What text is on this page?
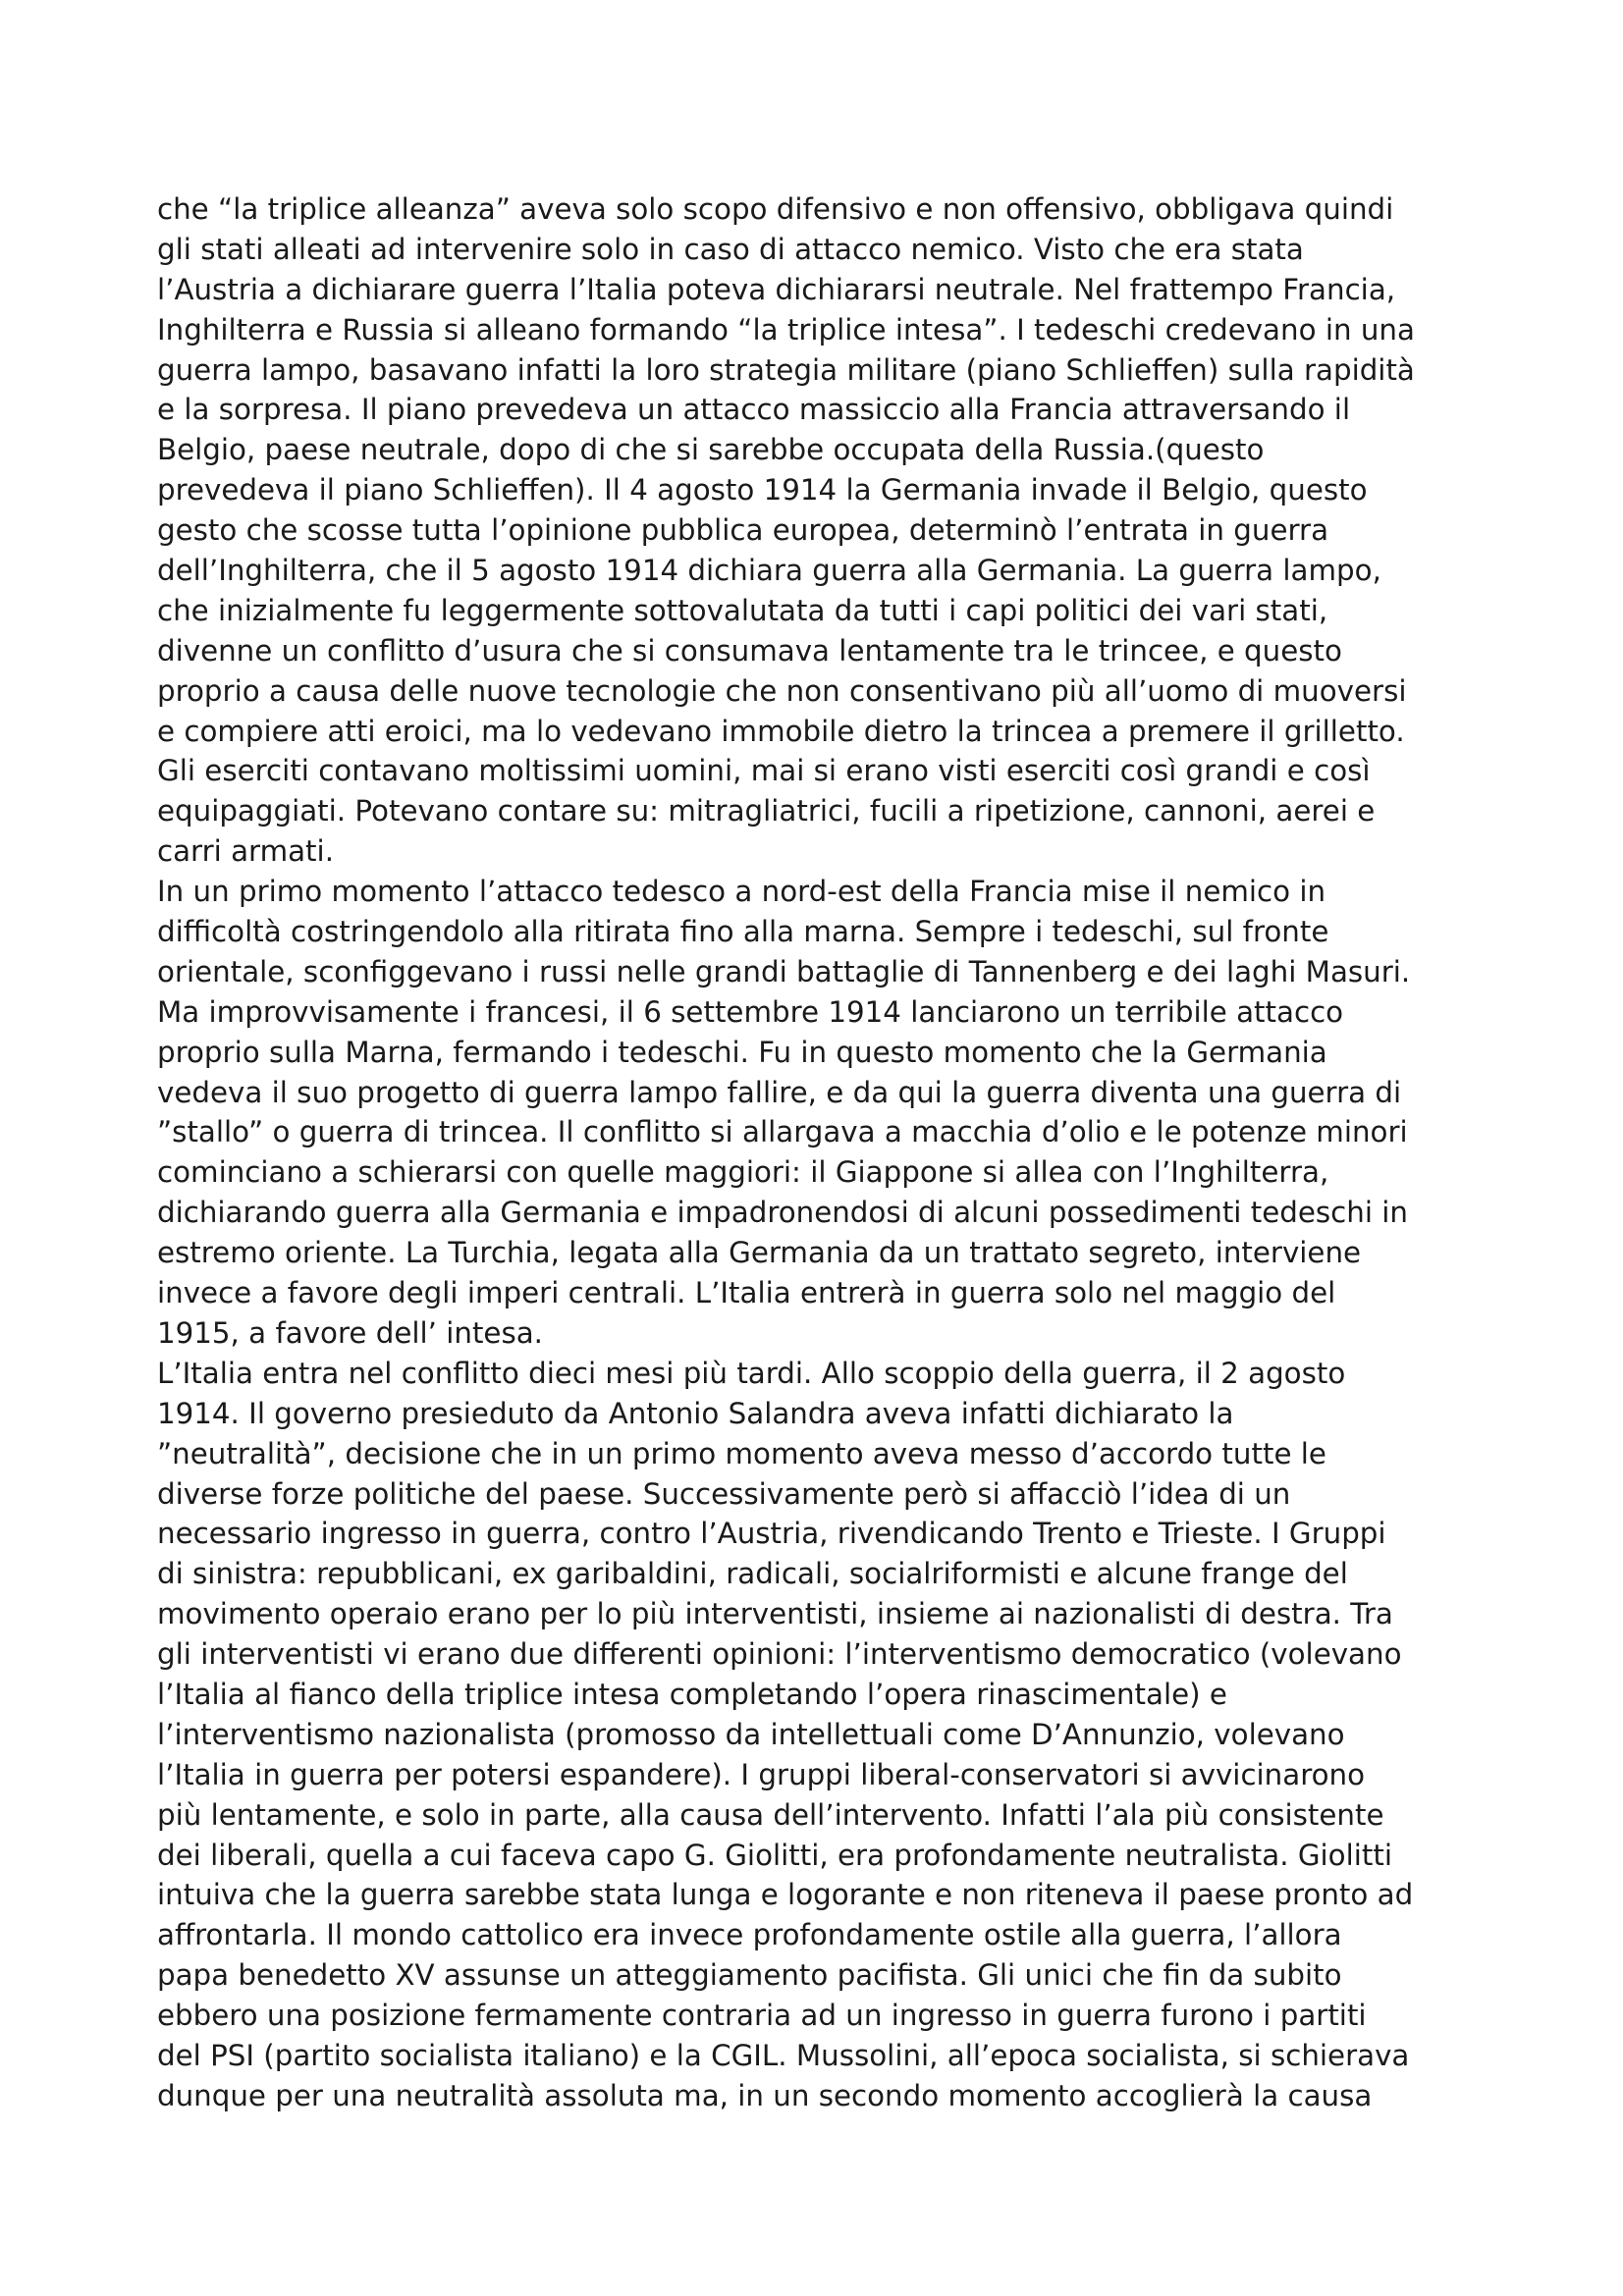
che “la triplice alleanza” aveva solo scopo difensivo e non offensivo, obbligava quindi
gli stati alleati ad intervenire solo in caso di attacco nemico. Visto che era stata
l’Austria a dichiarare guerra l’Italia poteva dichiararsi neutrale. Nel frattempo Francia,
Inghilterra e Russia si alleano formando “la triplice intesa”. I tedeschi credevano in una
guerra lampo, basavano infatti la loro strategia militare (piano Schlieffen) sulla rapidità
e la sorpresa. Il piano prevedeva un attacco massiccio alla Francia attraversando il
Belgio, paese neutrale, dopo di che si sarebbe occupata della Russia.(questo
prevedeva il piano Schlieffen). Il 4 agosto 1914 la Germania invade il Belgio, questo
gesto che scosse tutta l’opinione pubblica europea, determinò l’entrata in guerra
dell’Inghilterra, che il 5 agosto 1914 dichiara guerra alla Germania. La guerra lampo,
che inizialmente fu leggermente sottovalutata da tutti i capi politici dei vari stati,
divenne un conflitto d’usura che si consumava lentamente tra le trincee, e questo
proprio a causa delle nuove tecnologie che non consentivano più all’uomo di muoversi
e compiere atti eroici, ma lo vedevano immobile dietro la trincea a premere il grilletto.
Gli eserciti contavano moltissimi uomini, mai si erano visti eserciti così grandi e così
equipaggiati. Potevano contare su: mitragliatrici, fucili a ripetizione, cannoni, aerei e
carri armati.
In un primo momento l’attacco tedesco a nord-est della Francia mise il nemico in
difficoltà costringendolo alla ritirata fino alla marna. Sempre i tedeschi, sul fronte
orientale, sconfiggevano i russi nelle grandi battaglie di Tannenberg e dei laghi Masuri.
Ma improvvisamente i francesi, il 6 settembre 1914 lanciarono un terribile attacco
proprio sulla Marna, fermando i tedeschi. Fu in questo momento che la Germania
vedeva il suo progetto di guerra lampo fallire, e da qui la guerra diventa una guerra di
”stallo” o guerra di trincea. Il conflitto si allargava a macchia d’olio e le potenze minori
cominciano a schierarsi con quelle maggiori: il Giappone si allea con l’Inghilterra,
dichiarando guerra alla Germania e impadronendosi di alcuni possedimenti tedeschi in
estremo oriente. La Turchia, legata alla Germania da un trattato segreto, interviene
invece a favore degli imperi centrali. L’Italia entrerà in guerra solo nel maggio del
1915, a favore dell’ intesa.
L’Italia entra nel conflitto dieci mesi più tardi. Allo scoppio della guerra, il 2 agosto
1914. Il governo presieduto da Antonio Salandra aveva infatti dichiarato la
”neutralità”, decisione che in un primo momento aveva messo d’accordo tutte le
diverse forze politiche del paese. Successivamente però si affacciò l’idea di un
necessario ingresso in guerra, contro l’Austria, rivendicando Trento e Trieste. I Gruppi
di sinistra: repubblicani, ex garibaldini, radicali, socialriformisti e alcune frange del
movimento operaio erano per lo più interventisti, insieme ai nazionalisti di destra. Tra
gli interventisti vi erano due differenti opinioni: l’interventismo democratico (volevano
l’Italia al fianco della triplice intesa completando l’opera rinascimentale) e
l’interventismo nazionalista (promosso da intellettuali come D’Annunzio, volevano
l’Italia in guerra per potersi espandere). I gruppi liberal-conservatori si avvicinarono
più lentamente, e solo in parte, alla causa dell’intervento. Infatti l’ala più consistente
dei liberali, quella a cui faceva capo G. Giolitti, era profondamente neutralista. Giolitti
intuiva che la guerra sarebbe stata lunga e logorante e non riteneva il paese pronto ad
affrontarla. Il mondo cattolico era invece profondamente ostile alla guerra, l’allora
papa benedetto XV assunse un atteggiamento pacifista. Gli unici che fin da subito
ebbero una posizione fermamente contraria ad un ingresso in guerra furono i partiti
del PSI (partito socialista italiano) e la CGIL. Mussolini, all’epoca socialista, si schierava
dunque per una neutralità assoluta ma, in un secondo momento accoglierà la causa
